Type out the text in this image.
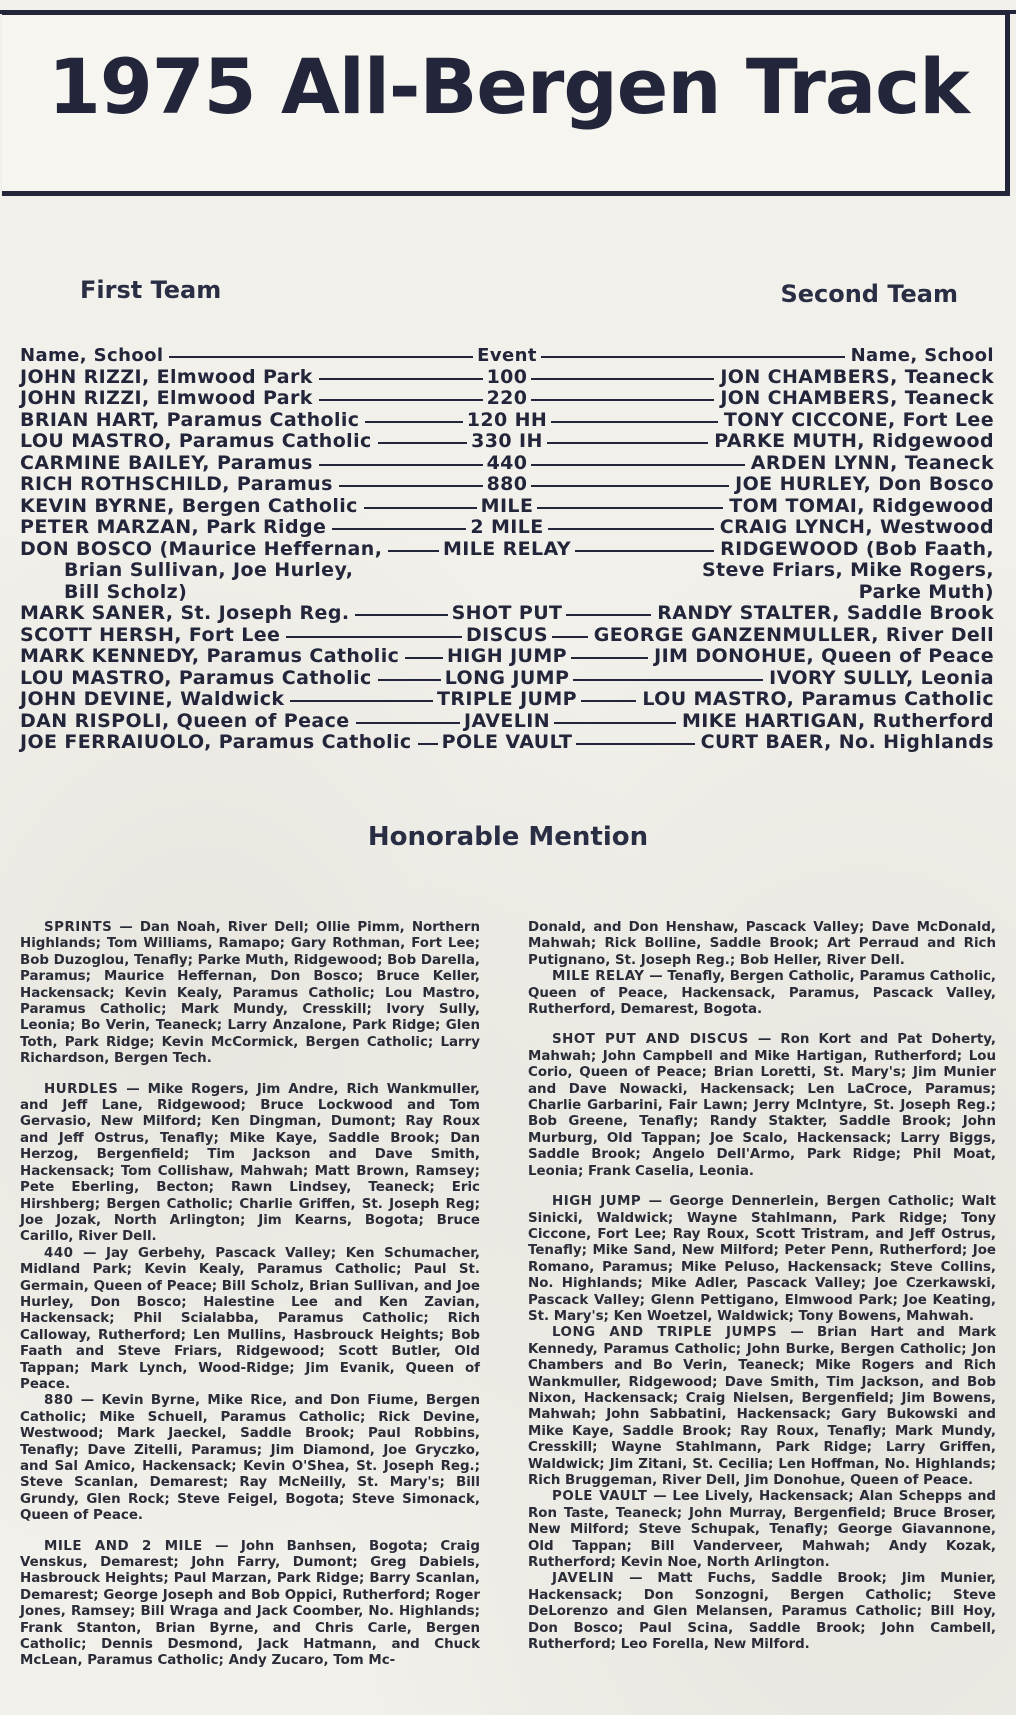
1975 All-Bergen Track
First Team	Second Team
Name, School	Event	Name, School
JOHN RIZZI, Elmwood Park	100	JON CHAMBERS, Teaneck
JOHN RIZZI, Elmwood Park	220	JON CHAMBERS, Teaneck
BRIAN HART, Paramus Catholic	120 HH	TONY CICCONE, Fort Lee
LOU MASTRO, Paramus Catholic	330 IH	PARKE MUTH, Ridgewood
CARMINE BAILEY, Paramus	440	ARDEN LYNN, Teaneck
RICH ROTHSCHILD, Paramus	880	JOE HURLEY, Don Bosco
KEVIN BYRNE, Bergen Catholic	MILE	TOM TOMAI, Ridgewood
PETER MARZAN, Park Ridge	2 MILE	CRAIG LYNCH, Westwood
DON BOSCO (Maurice Heffernan,	MILE RELAY	RIDGEWOOD (Bob Faath,
Brian Sullivan, Joe Hurley,	Steve Friars, Mike Rogers,
Bill Scholz)	Parke Muth)
MARK SANER, St. Joseph Reg.	SHOT PUT	RANDY STALTER, Saddle Brook
SCOTT HERSH, Fort Lee	DISCUS	GEORGE GANZENMULLER, River Dell
MARK KENNEDY, Paramus Catholic	HIGH JUMP	JIM DONOHUE, Queen of Peace
LOU MASTRO, Paramus Catholic	LONG JUMP	IVORY SULLY, Leonia
JOHN DEVINE, Waldwick	TRIPLE JUMP	LOU MASTRO, Paramus Catholic
DAN RISPOLI, Queen of Peace	JAVELIN	MIKE HARTIGAN, Rutherford
JOE FERRAIUOLO, Paramus Catholic	POLE VAULT	CURT BAER, No. Highlands
Honorable Mention

SPRINTS — Dan Noah, River Dell; Ollie Pimm, Northern Highlands; Tom Williams, Ramapo; Gary Rothman, Fort Lee; Bob Duzoglou, Tenafly; Parke Muth, Ridgewood; Bob Darella, Paramus; Maurice Heffernan, Don Bosco; Bruce Keller, Hackensack; Kevin Kealy, Paramus Catholic; Lou Mastro, Paramus Catholic; Mark Mundy, Cresskill; Ivory Sully, Leonia; Bo Verin, Teaneck; Larry Anzalone, Park Ridge; Glen Toth, Park Ridge; Kevin McCormick, Bergen Catholic; Larry Richardson, Bergen Tech.

HURDLES — Mike Rogers, Jim Andre, Rich Wankmuller, and Jeff Lane, Ridgewood; Bruce Lockwood and Tom Gervasio, New Milford; Ken Dingman, Dumont; Ray Roux and Jeff Ostrus, Tenafly; Mike Kaye, Saddle Brook; Dan Herzog, Bergenfield; Tim Jackson and Dave Smith, Hackensack; Tom Collishaw, Mahwah; Matt Brown, Ramsey; Pete Eberling, Becton; Rawn Lindsey, Teaneck; Eric Hirshberg; Bergen Catholic; Charlie Griffen, St. Joseph Reg; Joe Jozak, North Arlington; Jim Kearns, Bogota; Bruce Carillo, River Dell.

440 — Jay Gerbehy, Pascack Valley; Ken Schumacher, Midland Park; Kevin Kealy, Paramus Catholic; Paul St. Germain, Queen of Peace; Bill Scholz, Brian Sullivan, and Joe Hurley, Don Bosco; Halestine Lee and Ken Zavian, Hackensack; Phil Scialabba, Paramus Catholic; Rich Calloway, Rutherford; Len Mullins, Hasbrouck Heights; Bob Faath and Steve Friars, Ridgewood; Scott Butler, Old Tappan; Mark Lynch, Wood-Ridge; Jim Evanik, Queen of Peace.

880 — Kevin Byrne, Mike Rice, and Don Fiume, Bergen Catholic; Mike Schuell, Paramus Catholic; Rick Devine, Westwood; Mark Jaeckel, Saddle Brook; Paul Robbins, Tenafly; Dave Zitelli, Paramus; Jim Diamond, Joe Gryczko, and Sal Amico, Hackensack; Kevin O'Shea, St. Joseph Reg.; Steve Scanlan, Demarest; Ray McNeilly, St. Mary's; Bill Grundy, Glen Rock; Steve Feigel, Bogota; Steve Simonack, Queen of Peace.

MILE AND 2 MILE — John Banhsen, Bogota; Craig Venskus, Demarest; John Farry, Dumont; Greg Dabiels, Hasbrouck Heights; Paul Marzan, Park Ridge; Barry Scanlan, Demarest; George Joseph and Bob Oppici, Rutherford; Roger Jones, Ramsey; Bill Wraga and Jack Coomber, No. Highlands; Frank Stanton, Brian Byrne, and Chris Carle, Bergen Catholic; Dennis Desmond, Jack Hatmann, and Chuck McLean, Paramus Catholic; Andy Zucaro, Tom Mc-

Donald, and Don Henshaw, Pascack Valley; Dave McDonald, Mahwah; Rick Bolline, Saddle Brook; Art Perraud and Rich Putignano, St. Joseph Reg.; Bob Heller, River Dell.

MILE RELAY — Tenafly, Bergen Catholic, Paramus Catholic, Queen of Peace, Hackensack, Paramus, Pascack Valley, Rutherford, Demarest, Bogota.

SHOT PUT AND DISCUS — Ron Kort and Pat Doherty, Mahwah; John Campbell and Mike Hartigan, Rutherford; Lou Corio, Queen of Peace; Brian Loretti, St. Mary's; Jim Munier and Dave Nowacki, Hackensack; Len LaCroce, Paramus; Charlie Garbarini, Fair Lawn; Jerry McIntyre, St. Joseph Reg.; Bob Greene, Tenafly; Randy Stakter, Saddle Brook; John Murburg, Old Tappan; Joe Scalo, Hackensack; Larry Biggs, Saddle Brook; Angelo Dell'Armo, Park Ridge; Phil Moat, Leonia; Frank Caselia, Leonia.

HIGH JUMP — George Dennerlein, Bergen Catholic; Walt Sinicki, Waldwick; Wayne Stahlmann, Park Ridge; Tony Ciccone, Fort Lee; Ray Roux, Scott Tristram, and Jeff Ostrus, Tenafly; Mike Sand, New Milford; Peter Penn, Rutherford; Joe Romano, Paramus; Mike Peluso, Hackensack; Steve Collins, No. Highlands; Mike Adler, Pascack Valley; Joe Czerkawski, Pascack Valley; Glenn Pettigano, Elmwood Park; Joe Keating, St. Mary's; Ken Woetzel, Waldwick; Tony Bowens, Mahwah.

LONG AND TRIPLE JUMPS — Brian Hart and Mark Kennedy, Paramus Catholic; John Burke, Bergen Catholic; Jon Chambers and Bo Verin, Teaneck; Mike Rogers and Rich Wankmuller, Ridgewood; Dave Smith, Tim Jackson, and Bob Nixon, Hackensack; Craig Nielsen, Bergenfield; Jim Bowens, Mahwah; John Sabbatini, Hackensack; Gary Bukowski and Mike Kaye, Saddle Brook; Ray Roux, Tenafly; Mark Mundy, Cresskill; Wayne Stahlmann, Park Ridge; Larry Griffen, Waldwick; Jim Zitani, St. Cecilia; Len Hoffman, No. Highlands; Rich Bruggeman, River Dell, Jim Donohue, Queen of Peace.

POLE VAULT — Lee Lively, Hackensack; Alan Schepps and Ron Taste, Teaneck; John Murray, Bergenfield; Bruce Broser, New Milford; Steve Schupak, Tenafly; George Giavannone, Old Tappan; Bill Vanderveer, Mahwah; Andy Kozak, Rutherford; Kevin Noe, North Arlington.

JAVELIN — Matt Fuchs, Saddle Brook; Jim Munier, Hackensack; Don Sonzogni, Bergen Catholic; Steve DeLorenzo and Glen Melansen, Paramus Catholic; Bill Hoy, Don Bosco; Paul Scina, Saddle Brook; John Cambell, Rutherford; Leo Forella, New Milford.
